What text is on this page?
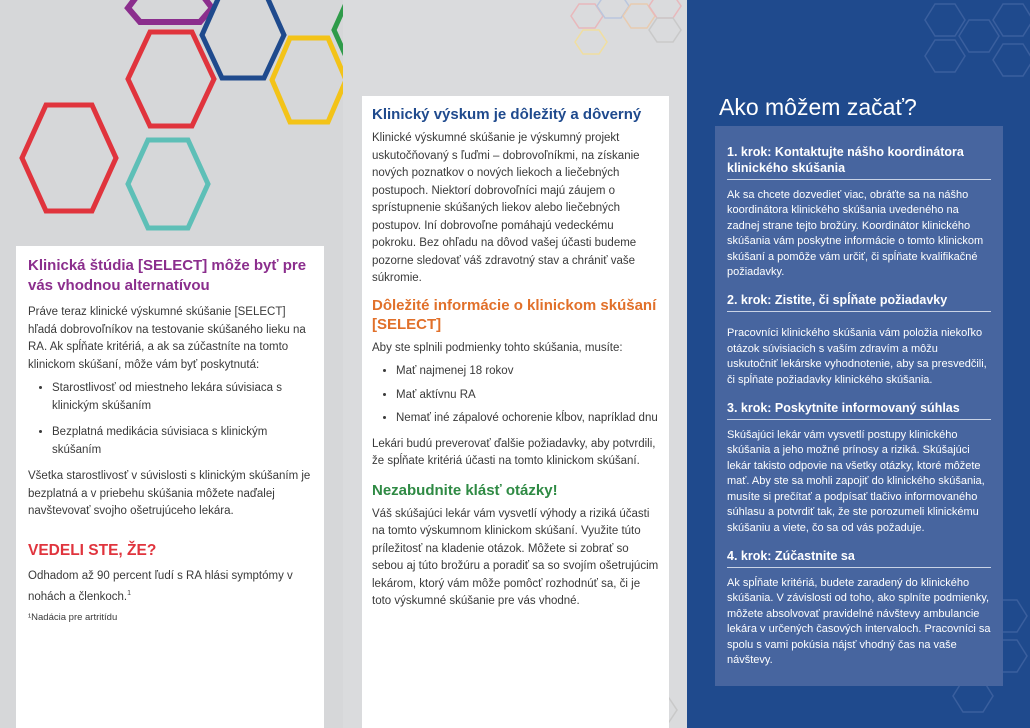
Klinická štúdia [SELECT] môže byť pre vás vhodnou alternatívou

Práve teraz klinické výskumné skúšanie [SELECT] hľadá dobrovoľníkov na testovanie skúšaného lieku na RA. Ak spĺňate kritériá, a ak sa zúčastníte na tomto klinickom skúšaní, môže vám byť poskytnutá:

• Starostlivosť od miestneho lekára súvisiaca s klinickým skúšaním
• Bezplatná medikácia súvisiaca s klinickým skúšaním

Všetka starostlivosť v súvislosti s klinickým skúšaním je bezplatná a v priebehu skúšania môžete naďalej navštevovať svojho ošetrujúceho lekára.

VEDELI STE, ŽE?

Odhadom až 90 percent ľudí s RA hlási symptómy v nohách a členkoch.$^1$

¹Nadácia pre artritídu
Klinický výskum je dôležitý a dôverný

Klinické výskumné skúšanie je výskumný projekt uskutočňovaný s ľuďmi – dobrovoľníkmi, na získanie nových poznatkov o nových liekoch a liečebných postupoch. Niektorí dobrovoľníci majú záujem o sprístupnenie skúšaných liekov alebo liečebných postupov. Iní dobrovoľne pomáhajú vedeckému pokroku. Bez ohľadu na dôvod vašej účasti budeme pozorne sledovať váš zdravotný stav a chrániť vaše súkromie.

Dôležité informácie o klinickom skúšaní [SELECT]

Aby ste splnili podmienky tohto skúšania, musíte:

• Mať najmenej 18 rokov
• Mať aktívnu RA
• Nemať iné zápalové ochorenie kĺbov, napríklad dnu

Lekári budú preverovať ďalšie požiadavky, aby potvrdili, že spĺňate kritériá účasti na tomto klinickom skúšaní.

Nezabudnite klásť otázky!

Váš skúšajúci lekár vám vysvetlí výhody a riziká účasti na tomto výskumnom klinickom skúšaní. Využite túto príležitosť na kladenie otázok. Môžete si zobrať so sebou aj túto brožúru a poradiť sa so svojím ošetrujúcim lekárom, ktorý vám môže pomôcť rozhodnúť sa, či je toto výskumné skúšanie pre vás vhodné.

Ako môžem začať?
1. krok: Kontaktujte nášho koordinátora klinického skúšania

Ak sa chcete dozvedieť viac, obráťte sa na nášho koordinátora klinického skúšania uvedeného na zadnej strane tejto brožúry. Koordinátor klinického skúšania vám poskytne informácie o tomto klinickom skúšaní a pomôže vám určiť, či spĺňate kvalifikačné požiadavky.

2. krok: Zistite, či spĺňate požiadavky

Pracovníci klinického skúšania vám položia niekoľko otázok súvisiacich s vaším zdravím a môžu uskutočniť lekárske vyhodnotenie, aby sa presvedčili, či spĺňate požiadavky klinického skúšania.

3. krok: Poskytnite informovaný súhlas

Skúšajúci lekár vám vysvetlí postupy klinického skúšania a jeho možné prínosy a riziká. Skúšajúci lekár takisto odpovie na všetky otázky, ktoré môžete mať. Aby ste sa mohli zapojiť do klinického skúšania, musíte si prečítať a podpísať tlačivo informovaného súhlasu a potvrdiť tak, že ste porozumeli klinickému skúšaniu a viete, čo sa od vás požaduje.

4. krok: Zúčastnite sa

Ak spĺňate kritériá, budete zaradený do klinického skúšania. V závislosti od toho, ako splníte podmienky, môžete absolvovať pravidelné návštevy ambulancie lekára v určených časových intervaloch. Pracovníci sa spolu s vami pokúsia nájsť vhodný čas na vaše návštevy.
